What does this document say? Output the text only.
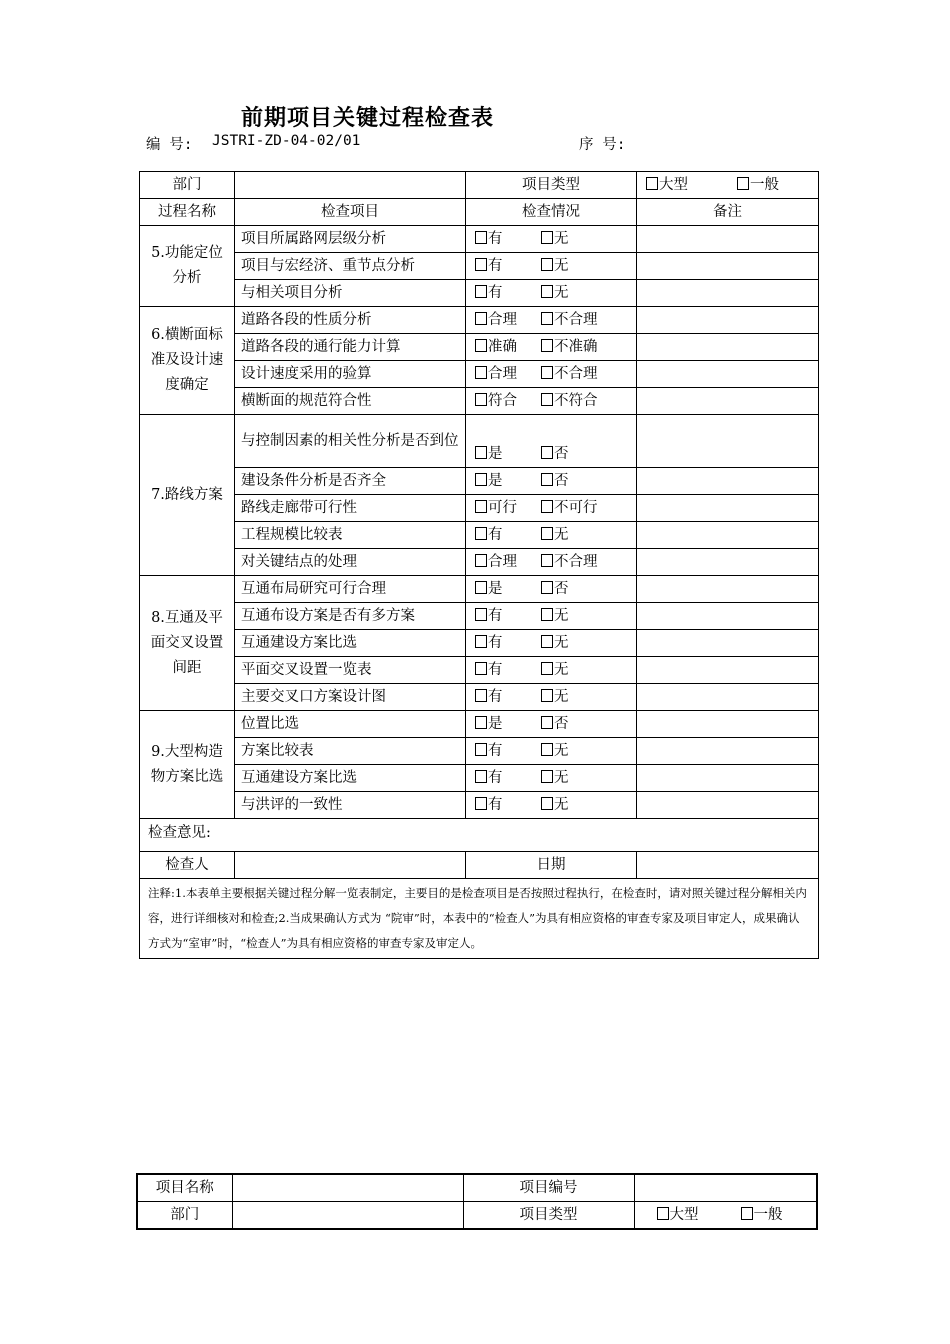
前期项目关键过程检查表
编 号: JSTRI-ZD-04-02/01	序 号:
部门		项目类型	大型 一般
过程名称	检查项目	检查情况	备注
5.功能定位分析	项目所属路网层级分析	有 无	
	项目与宏经济、重节点分析	有 无	
	与相关项目分析	有 无	
6.横断面标准及设计速度确定	道路各段的性质分析	合理 不合理	
	道路各段的通行能力计算	准确 不准确	
	设计速度采用的验算	合理 不合理	
	横断面的规范符合性	符合 不符合	
7.路线方案	与控制因素的相关性分析是否到位	是 否	
	建设条件分析是否齐全	是 否	
	路线走廊带可行性	可行 不可行	
	工程规模比较表	有 无	
	对关键结点的处理	合理 不合理	
8.互通及平面交叉设置间距	互通布局研究可行合理	是 否	
	互通布设方案是否有多方案	有 无	
	互通建设方案比选	有 无	
	平面交叉设置一览表	有 无	
	主要交叉口方案设计图	有 无	
9.大型构造物方案比选	位置比选	是 否	
	方案比较表	有 无	
	互通建设方案比选	有 无	
	与洪评的一致性	有 无	
检查意见:			
检查人		日期	
注释:1.本表单主要根据关键过程分解一览表制定，主要目的是检查项目是否按照过程执行，在检查时，请对照关键过程分解相关内容，进行详细核对和检查;2.当成果确认方式为 “院审”时，本表中的“检查人”为具有相应资格的审查专家及项目审定人，成果确认方式为“室审”时，“检查人”为具有相应资格的审查专家及审定人。			
项目名称		项目编号	
部门		项目类型	大型 一般
